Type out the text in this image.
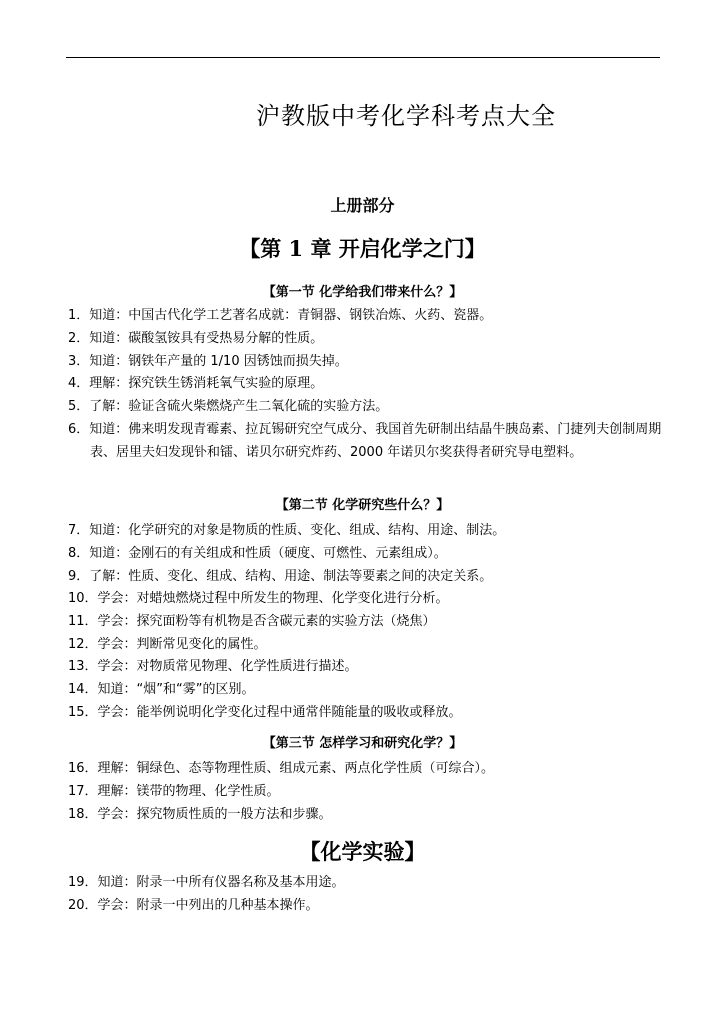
沪教版中考化学科考点大全
上册部分
【第 1 章 开启化学之门】
【第一节 化学给我们带来什么？】
1．知道：中国古代化学工艺著名成就：青铜器、钢铁冶炼、火药、瓷器。
2．知道：碳酸氢铵具有受热易分解的性质。
3．知道：钢铁年产量的 1/10 因锈蚀而损失掉。
4．理解：探究铁生锈消耗氧气实验的原理。
5．了解：验证含硫火柴燃烧产生二氧化硫的实验方法。
6．知道：佛来明发现青霉素、拉瓦锡研究空气成分、我国首先研制出结晶牛胰岛素、门捷列夫创制周期表、居里夫妇发现钋和镭、诺贝尔研究炸药、2000 年诺贝尔奖获得者研究导电塑料。
【第二节 化学研究些什么？】
7．知道：化学研究的对象是物质的性质、变化、组成、结构、用途、制法。
8．知道：金刚石的有关组成和性质（硬度、可燃性、元素组成）。
9．了解：性质、变化、组成、结构、用途、制法等要素之间的决定关系。
10．学会：对蜡烛燃烧过程中所发生的物理、化学变化进行分析。
11．学会：探究面粉等有机物是否含碳元素的实验方法（烧焦）
12．学会：判断常见变化的属性。
13．学会：对物质常见物理、化学性质进行描述。
14．知道：“烟”和“雾”的区别。
15．学会：能举例说明化学变化过程中通常伴随能量的吸收或释放。
【第三节 怎样学习和研究化学？】
16．理解：铜绿色、态等物理性质、组成元素、两点化学性质（可综合）。
17．理解：镁带的物理、化学性质。
18．学会：探究物质性质的一般方法和步骤。
【化学实验】
19．知道：附录一中所有仪器名称及基本用途。
20．学会：附录一中列出的几种基本操作。
